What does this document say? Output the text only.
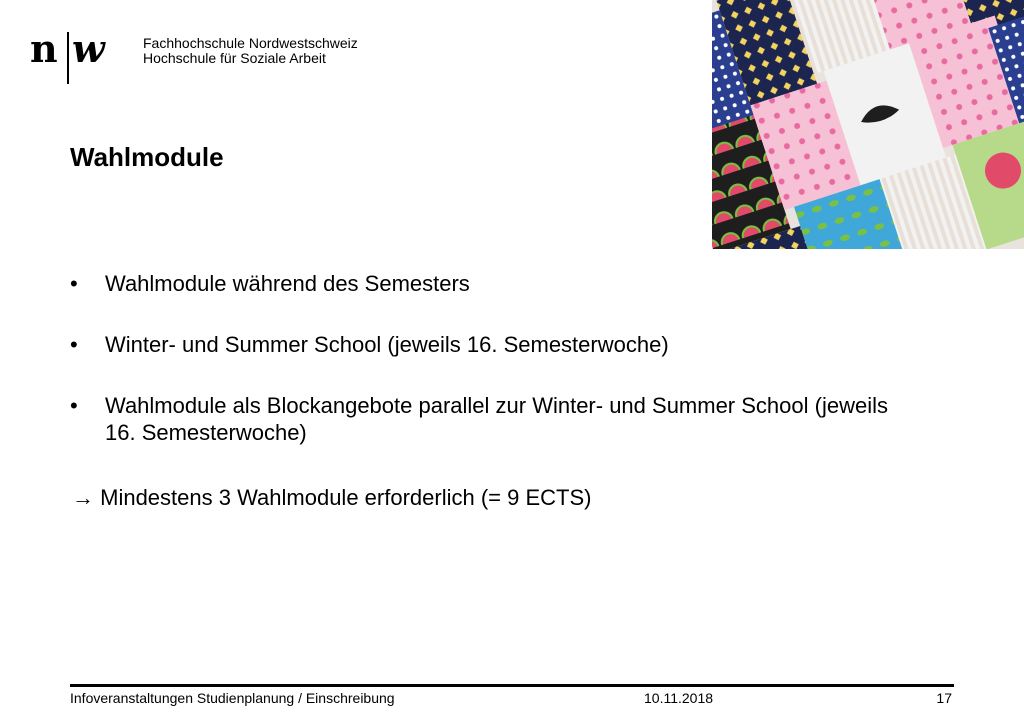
n w	Fachhochschule Nordwestschweiz
Hochschule für Soziale Arbeit
Wahlmodule
• Wahlmodule während des Semesters
• Winter- und Summer School (jeweils 16. Semesterwoche)
• Wahlmodule als Blockangebote parallel zur Winter- und Summer School (jeweils 16. Semesterwoche)
→ Mindestens 3 Wahlmodule erforderlich (= 9 ECTS)
Infoveranstaltungen Studienplanung / Einschreibung	10.11.2018	17
